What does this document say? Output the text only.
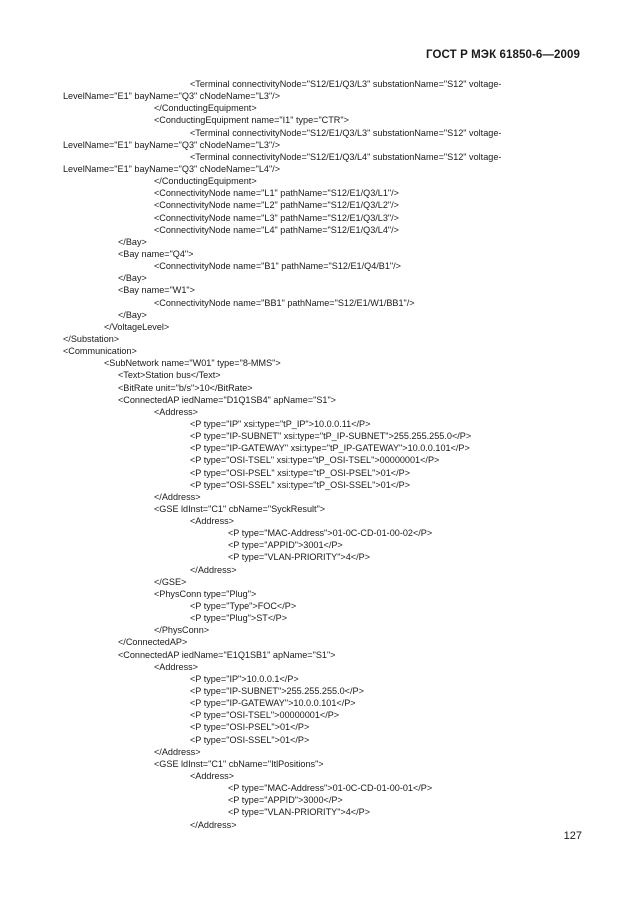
ГОСТ Р МЭК 61850-6—2009
<Terminal connectivityNode="S12/E1/Q3/L3" substationName="S12" voltage-
LevelName="E1" bayName="Q3" cNodeName="L3"/>
</ConductingEquipment>
<ConductingEquipment name="I1" type="CTR">
<Terminal connectivityNode="S12/E1/Q3/L3" substationName="S12" voltage-
LevelName="E1" bayName="Q3" cNodeName="L3"/>
<Terminal connectivityNode="S12/E1/Q3/L4" substationName="S12" voltage-
LevelName="E1" bayName="Q3" cNodeName="L4"/>
</ConductingEquipment>
<ConnectivityNode name="L1" pathName="S12/E1/Q3/L1"/>
<ConnectivityNode name="L2" pathName="S12/E1/Q3/L2"/>
<ConnectivityNode name="L3" pathName="S12/E1/Q3/L3"/>
<ConnectivityNode name="L4" pathName="S12/E1/Q3/L4"/>
</Bay>
<Bay name="Q4">
<ConnectivityNode name="B1" pathName="S12/E1/Q4/B1"/>
</Bay>
<Bay name="W1">
<ConnectivityNode name="BB1" pathName="S12/E1/W1/BB1"/>
</Bay>
</VoltageLevel>
</Substation>
<Communication>
<SubNetwork name="W01" type="8-MMS">
<Text>Station bus</Text>
<BitRate unit="b/s">10</BitRate>
<ConnectedAP iedName="D1Q1SB4" apName="S1">
<Address>
<P type="IP" xsi:type="tP_IP">10.0.0.11</P>
<P type="IP-SUBNET" xsi:type="tP_IP-SUBNET">255.255.255.0</P>
<P type="IP-GATEWAY" xsi:type="tP_IP-GATEWAY">10.0.0.101</P>
<P type="OSI-TSEL" xsi:type="tP_OSI-TSEL">00000001</P>
<P type="OSI-PSEL" xsi:type="tP_OSI-PSEL">01</P>
<P type="OSI-SSEL" xsi:type="tP_OSI-SSEL">01</P>
</Address>
<GSE ldInst="C1" cbName="SyckResult">
<Address>
<P type="MAC-Address">01-0C-CD-01-00-02</P>
<P type="APPID">3001</P>
<P type="VLAN-PRIORITY">4</P>
</Address>
</GSE>
<PhysConn type="Plug">
<P type="Type">FOC</P>
<P type="Plug">ST</P>
</PhysConn>
</ConnectedAP>
<ConnectedAP iedName="E1Q1SB1" apName="S1">
<Address>
<P type="IP">10.0.0.1</P>
<P type="IP-SUBNET">255.255.255.0</P>
<P type="IP-GATEWAY">10.0.0.101</P>
<P type="OSI-TSEL">00000001</P>
<P type="OSI-PSEL">01</P>
<P type="OSI-SSEL">01</P>
</Address>
<GSE ldInst="C1" cbName="ItlPositions">
<Address>
<P type="MAC-Address">01-0C-CD-01-00-01</P>
<P type="APPID">3000</P>
<P type="VLAN-PRIORITY">4</P>
</Address>
127
